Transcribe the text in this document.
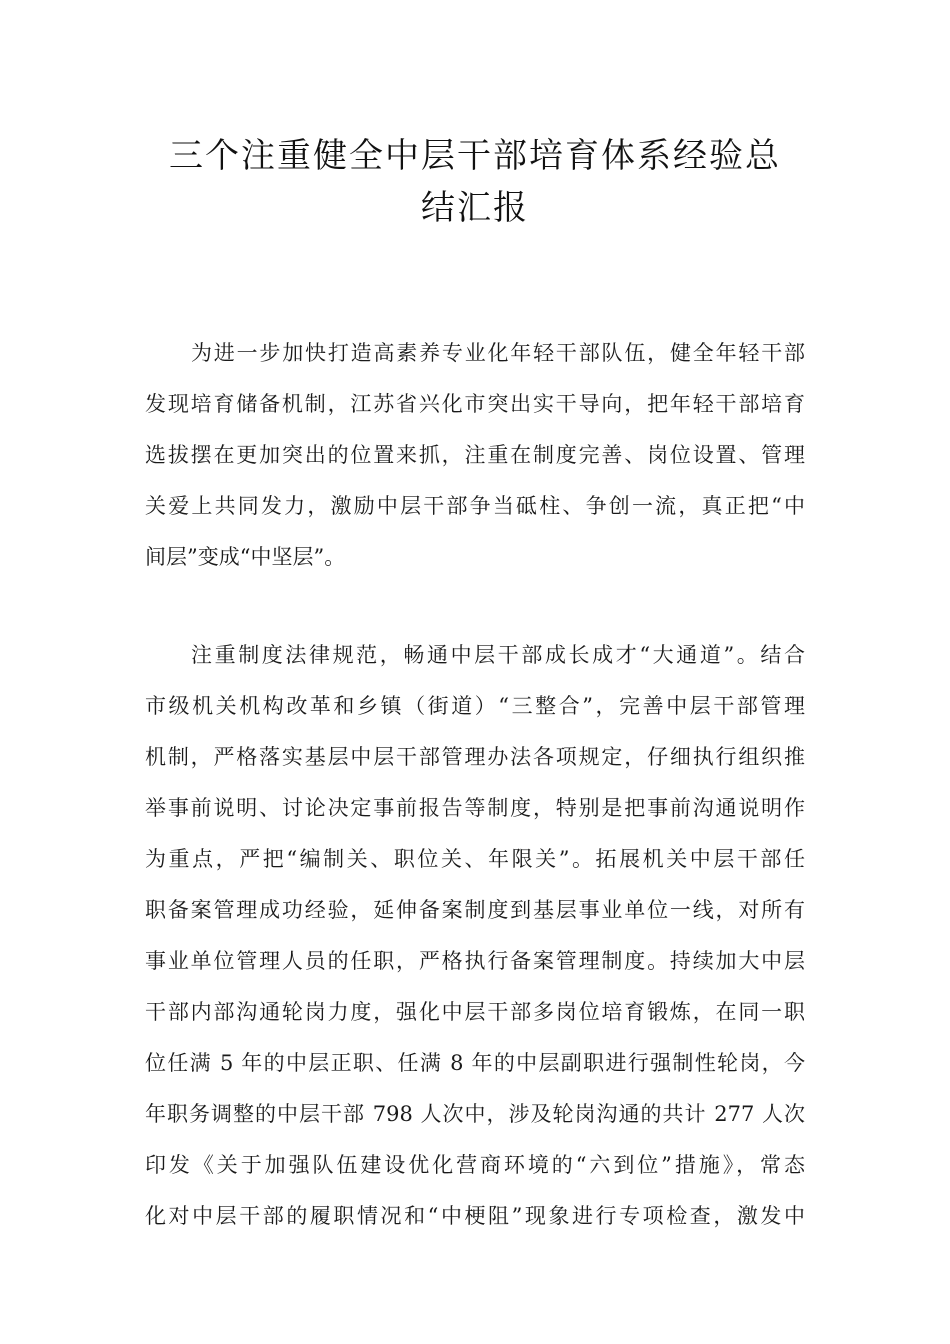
三个注重健全中层干部培育体系经验总
结汇报
为进一步加快打造高素养专业化年轻干部队伍，健全年轻干部
发现培育储备机制，江苏省兴化市突出实干导向，把年轻干部培育
选拔摆在更加突出的位置来抓，注重在制度完善、岗位设置、管理
关爱上共同发力，激励中层干部争当砥柱、争创一流，真正把“中
间层”变成“中坚层”。
注重制度法律规范，畅通中层干部成长成才“大通道”。结合
市级机关机构改革和乡镇（街道）“三整合”，完善中层干部管理
机制，严格落实基层中层干部管理办法各项规定，仔细执行组织推
举事前说明、讨论决定事前报告等制度，特别是把事前沟通说明作
为重点，严把“编制关、职位关、年限关”。拓展机关中层干部任
职备案管理成功经验，延伸备案制度到基层事业单位一线，对所有
事业单位管理人员的任职，严格执行备案管理制度。持续加大中层
干部内部沟通轮岗力度，强化中层干部多岗位培育锻炼，在同一职
位任满 5 年的中层正职、任满 8 年的中层副职进行强制性轮岗，今
年职务调整的中层干部 798 人次中，涉及轮岗沟通的共计 277 人次
印发《关于加强队伍建设优化营商环境的“六到位”措施》，常态
化对中层干部的履职情况和“中梗阻”现象进行专项检查，激发中
